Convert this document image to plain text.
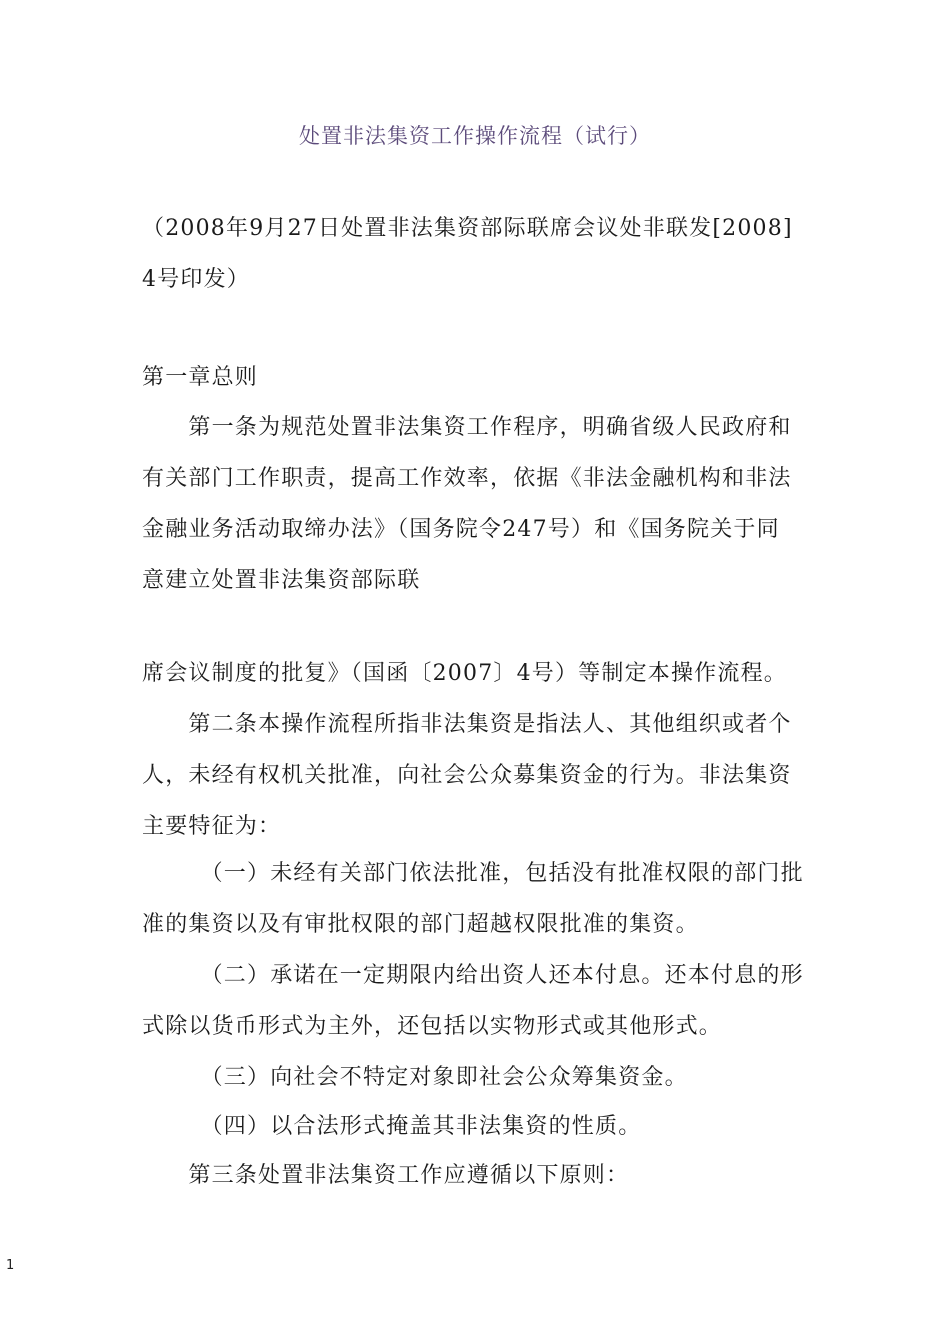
处置非法集资工作操作流程（试行）
（2008年9月27日处置非法集资部际联席会议处非联发[2008]
4号印发）
第一章总则
　　第一条为规范处置非法集资工作程序，明确省级人民政府和
有关部门工作职责，提高工作效率，依据《非法金融机构和非法
金融业务活动取缔办法》（国务院令247号）和《国务院关于同
意建立处置非法集资部际联
席会议制度的批复》（国函〔2007〕4号）等制定本操作流程。
　　第二条本操作流程所指非法集资是指法人、其他组织或者个
人，未经有权机关批准，向社会公众募集资金的行为。非法集资
主要特征为：
　　　（一）未经有关部门依法批准，包括没有批准权限的部门批
准的集资以及有审批权限的部门超越权限批准的集资。
　　　（二）承诺在一定期限内给出资人还本付息。还本付息的形
式除以货币形式为主外，还包括以实物形式或其他形式。
　　　（三）向社会不特定对象即社会公众筹集资金。
　　　（四）以合法形式掩盖其非法集资的性质。
　　第三条处置非法集资工作应遵循以下原则：
1
